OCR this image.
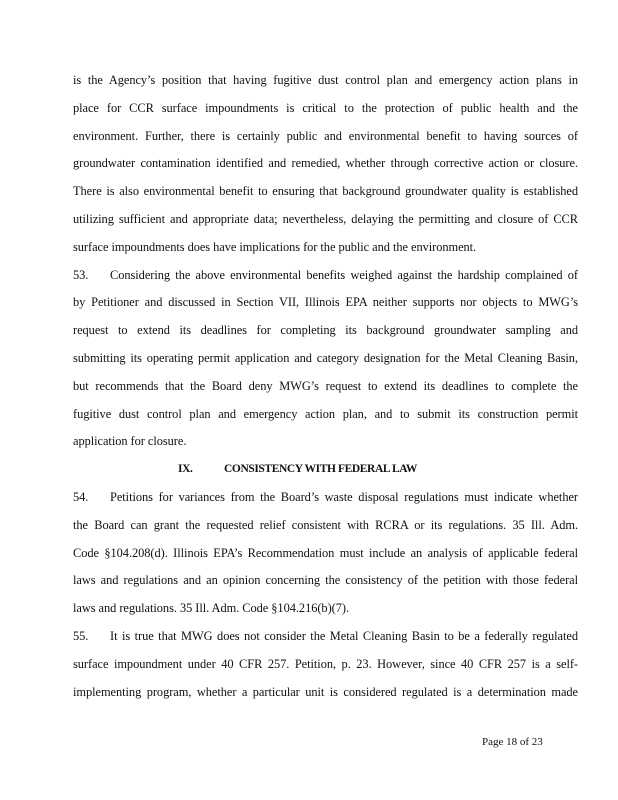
is the Agency’s position that having fugitive dust control plan and emergency action plans in
place for CCR surface impoundments is critical to the protection of public health and the
environment. Further, there is certainly public and environmental benefit to having sources of
groundwater contamination identified and remedied, whether through corrective action or closure.
There is also environmental benefit to ensuring that background groundwater quality is established
utilizing sufficient and appropriate data; nevertheless, delaying the permitting and closure of CCR
surface impoundments does have implications for the public and the environment.

53. Considering the above environmental benefits weighed against the hardship complained of
by Petitioner and discussed in Section VII, Illinois EPA neither supports nor objects to MWG’s
request to extend its deadlines for completing its background groundwater sampling and
submitting its operating permit application and category designation for the Metal Cleaning Basin,
but recommends that the Board deny MWG’s request to extend its deadlines to complete the
fugitive dust control plan and emergency action plan, and to submit its construction permit
application for closure.

IX.	CONSISTENCY WITH FEDERAL LAW

54. Petitions for variances from the Board’s waste disposal regulations must indicate whether
the Board can grant the requested relief consistent with RCRA or its regulations. 35 Ill. Adm.
Code §104.208(d). Illinois EPA’s Recommendation must include an analysis of applicable federal
laws and regulations and an opinion concerning the consistency of the petition with those federal
laws and regulations. 35 Ill. Adm. Code §104.216(b)(7).

55. It is true that MWG does not consider the Metal Cleaning Basin to be a federally regulated
surface impoundment under 40 CFR 257. Petition, p. 23. However, since 40 CFR 257 is a self-
implementing program, whether a particular unit is considered regulated is a determination made

Page 18 of 23
